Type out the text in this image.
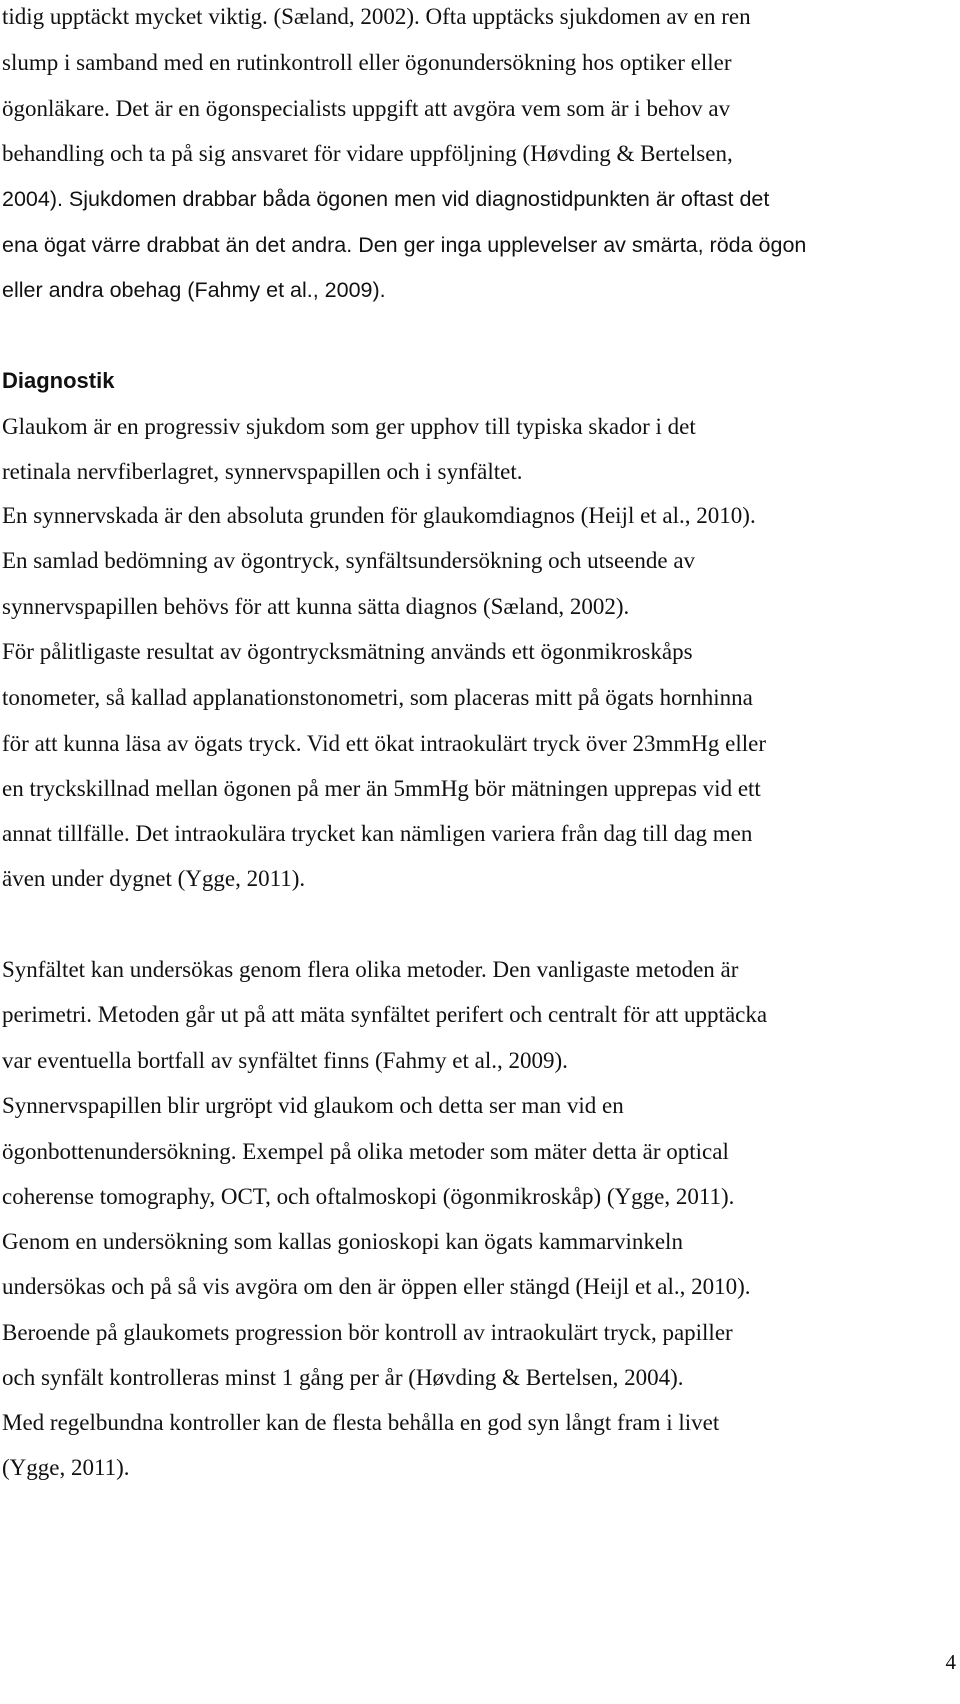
tidig upptäckt mycket viktig. (Sæland, 2002). Ofta upptäcks sjukdomen av en ren
slump i samband med en rutinkontroll eller ögonundersökning hos optiker eller
ögonläkare. Det är en ögonspecialists uppgift att avgöra vem som är i behov av
behandling och ta på sig ansvaret för vidare uppföljning (Høvding & Bertelsen,
2004). Sjukdomen drabbar båda ögonen men vid diagnostidpunkten är oftast det
ena ögat värre drabbat än det andra. Den ger inga upplevelser av smärta, röda ögon
eller andra obehag (Fahmy et al., 2009).
Diagnostik
Glaukom är en progressiv sjukdom som ger upphov till typiska skador i det
retinala nervfiberlagret, synnervspapillen och i synfältet.
En synnervskada är den absoluta grunden för glaukomdiagnos (Heijl et al., 2010).
En samlad bedömning av ögontryck, synfältsundersökning och utseende av
synnervspapillen behövs för att kunna sätta diagnos (Sæland, 2002).
För pålitligaste resultat av ögontrycksmätning används ett ögonmikroskåps
tonometer, så kallad applanationstonometri, som placeras mitt på ögats hornhinna
för att kunna läsa av ögats tryck. Vid ett ökat intraokulärt tryck över 23mmHg eller
en tryckskillnad mellan ögonen på mer än 5mmHg bör mätningen upprepas vid ett
annat tillfälle. Det intraokulära trycket kan nämligen variera från dag till dag men
även under dygnet (Ygge, 2011).
Synfältet kan undersökas genom flera olika metoder. Den vanligaste metoden är
perimetri. Metoden går ut på att mäta synfältet perifert och centralt för att upptäcka
var eventuella bortfall av synfältet finns (Fahmy et al., 2009).
Synnervspapillen blir urgröpt vid glaukom och detta ser man vid en
ögonbottenundersökning. Exempel på olika metoder som mäter detta är optical
coherense tomography, OCT, och oftalmoskopi (ögonmikroskåp) (Ygge, 2011).
Genom en undersökning som kallas gonioskopi kan ögats kammarvinkeln
undersökas och på så vis avgöra om den är öppen eller stängd (Heijl et al., 2010).
Beroende på glaukomets progression bör kontroll av intraokulärt tryck, papiller
och synfält kontrolleras minst 1 gång per år (Høvding & Bertelsen, 2004).
Med regelbundna kontroller kan de flesta behålla en god syn långt fram i livet
(Ygge, 2011).
4
